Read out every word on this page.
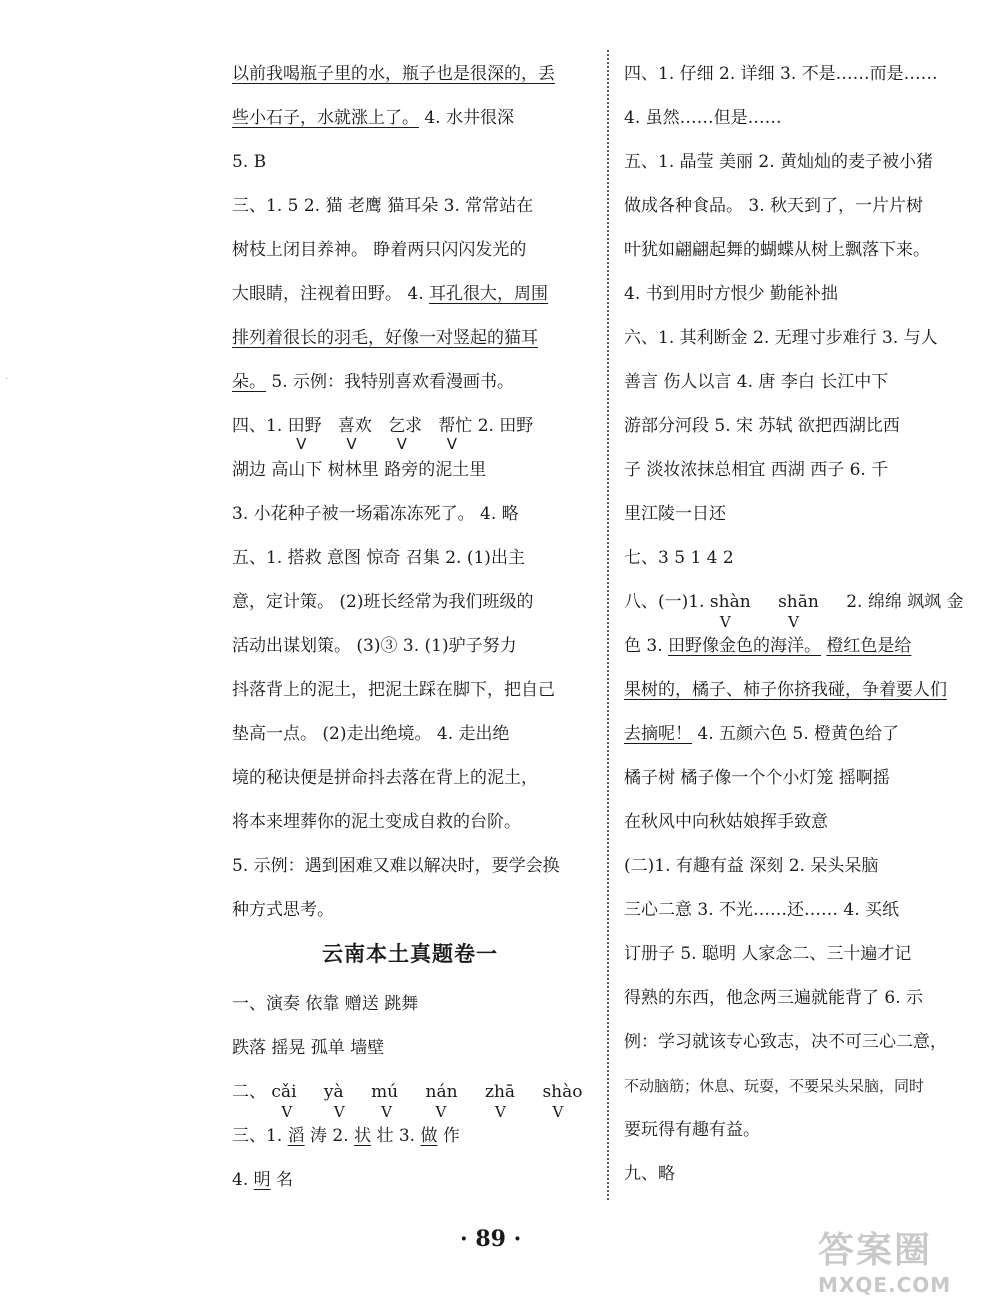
·
以前我喝瓶子里的水，瓶子也是很深的，丢
些小石子，水就涨上了。 4. 水井很深
5. B
三、1. 5 2. 猫 老鹰 猫耳朵 3. 常常站在
树枝上闭目养神。 睁着两只闪闪发光的
大眼睛，注视着田野。 4. 耳孔很大，周围
排列着很长的羽毛，好像一对竖起的猫耳
朵。 5. 示例：我特别喜欢看漫画书。
四、1. 田野 V 喜欢 V 乞求 V 帮忙 V 2. 田野
湖边 高山下 树林里 路旁的泥土里
3. 小花种子被一场霜冻冻死了。 4. 略
五、1. 搭救 意图 惊奇 召集 2. (1)出主
意，定计策。 (2)班长经常为我们班级的
活动出谋划策。 (3)③ 3. (1)驴子努力
抖落背上的泥土，把泥土踩在脚下，把自己
垫高一点。 (2)走出绝境。 4. 走出绝
境的秘诀便是拼命抖去落在背上的泥土，
将本来埋葬你的泥土变成自救的台阶。
5. 示例：遇到困难又难以解决时，要学会换
种方式思考。
云南本土真题卷一
一、演奏 依靠 赠送 跳舞
跌落 摇晃 孤单 墙壁
二、 cǎi
V
yà
V
mú
V
nán
V
zhā
V
shào
V
三、1. 滔 涛 2. 状 壮 3. 做 作
4. 明 名
四、1. 仔细 2. 详细 3. 不是……而是……
4. 虽然……但是……
五、1. 晶莹 美丽 2. 黄灿灿的麦子被小猪
做成各种食品。 3. 秋天到了，一片片树
叶犹如翩翩起舞的蝴蝶从树上飘落下来。
4. 书到用时方恨少 勤能补拙
六、1. 其利断金 2. 无理寸步难行 3. 与人
善言 伤人以言 4. 唐 李白 长江中下
游部分河段 5. 宋 苏轼 欲把西湖比西
子 淡妆浓抹总相宜 西湖 西子 6. 千
里江陵一日还
七、3 5 1 4 2
八、(一)1. shàn
V
shān
V
2. 绵绵 飒飒 金
色 3. 田野像金色的海洋。 橙红色是给
果树的，橘子、柿子你挤我碰，争着要人们
去摘呢！ 4. 五颜六色 5. 橙黄色给了
橘子树 橘子像一个个小灯笼 摇啊摇
在秋风中向秋姑娘挥手致意
(二)1. 有趣有益 深刻 2. 呆头呆脑
三心二意 3. 不光……还…… 4. 买纸
订册子 5. 聪明 人家念二、三十遍才记
得熟的东西，他念两三遍就能背了 6. 示
例：学习就该专心致志，决不可三心二意，
不动脑筋；休息、玩耍，不要呆头呆脑，同时
要玩得有趣有益。
九、略
· 89 ·	答案圈
MXQE.COM
